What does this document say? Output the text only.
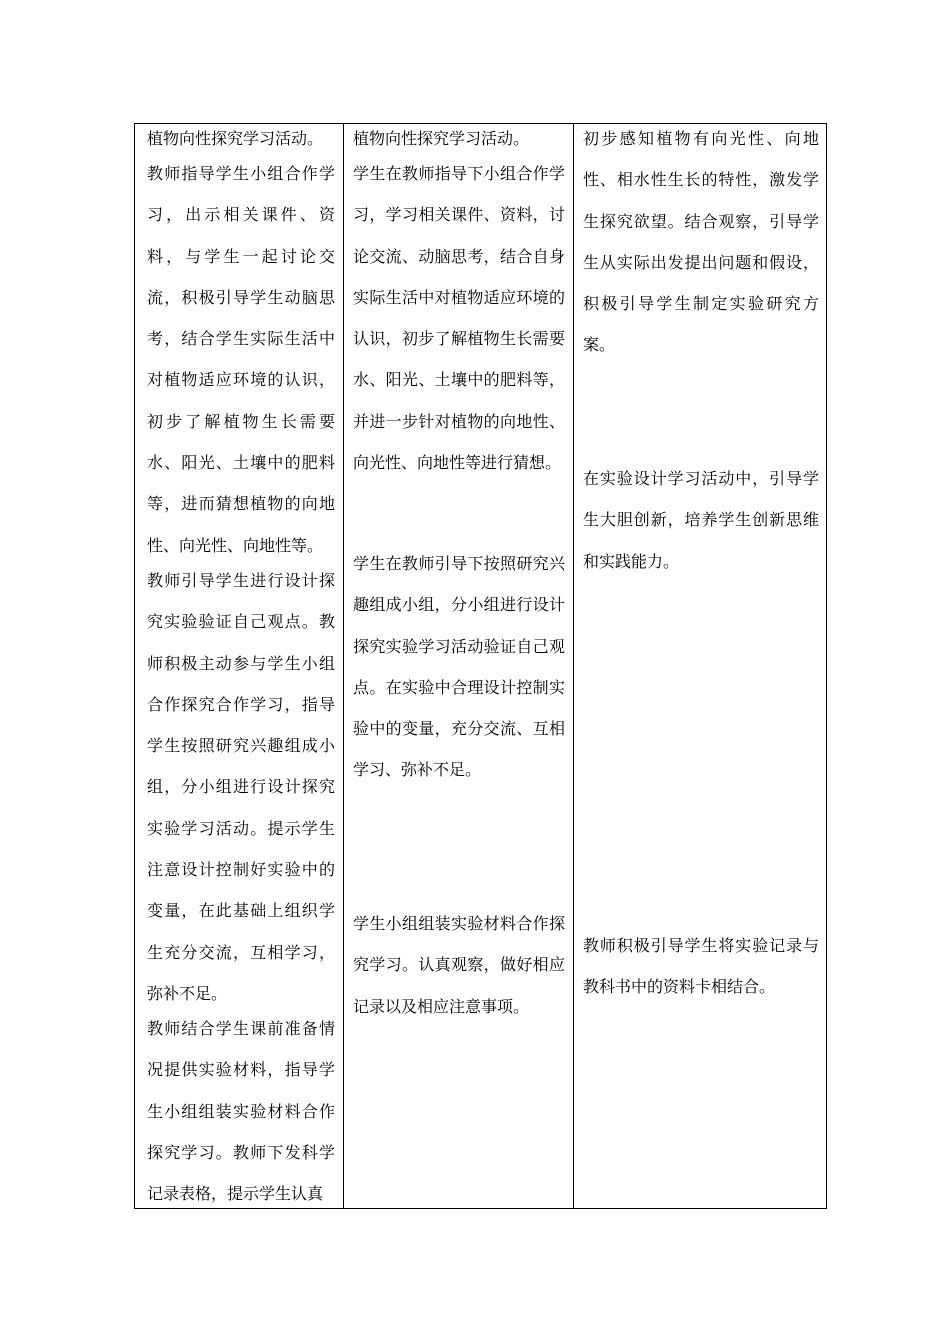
植物向性探究学习活动。

教师指导学生小组合作学习，出示相关课件、资料，与学生一起讨论交流，积极引导学生动脑思考，结合学生实际生活中对植物适应环境的认识，初步了解植物生长需要水、阳光、土壤中的肥料等，进而猜想植物的向地性、向光性、向地性等。

教师引导学生进行设计探究实验验证自己观点。教师积极主动参与学生小组合作探究合作学习，指导学生按照研究兴趣组成小组，分小组进行设计探究实验学习活动。提示学生注意设计控制好实验中的变量，在此基础上组织学生充分交流，互相学习，弥补不足。

教师结合学生课前准备情况提供实验材料，指导学生小组组装实验材料合作探究学习。教师下发科学记录表格，提示学生认真

植物向性探究学习活动。

学生在教师指导下小组合作学习，学习相关课件、资料，讨论交流、动脑思考，结合自身实际生活中对植物适应环境的认识，初步了解植物生长需要水、阳光、土壤中的肥料等，并进一步针对植物的向地性、向光性、向地性等进行猜想。

学生在教师引导下按照研究兴趣组成小组，分小组进行设计探究实验学习活动验证自己观点。在实验中合理设计控制实验中的变量，充分交流、互相学习、弥补不足。

学生小组组装实验材料合作探究学习。认真观察，做好相应记录以及相应注意事项。

初步感知植物有向光性、向地性、相水性生长的特性，激发学生探究欲望。结合观察，引导学生从实际出发提出问题和假设，积极引导学生制定实验研究方案。

在实验设计学习活动中，引导学生大胆创新，培养学生创新思维和实践能力。

教师积极引导学生将实验记录与教科书中的资料卡相结合。
